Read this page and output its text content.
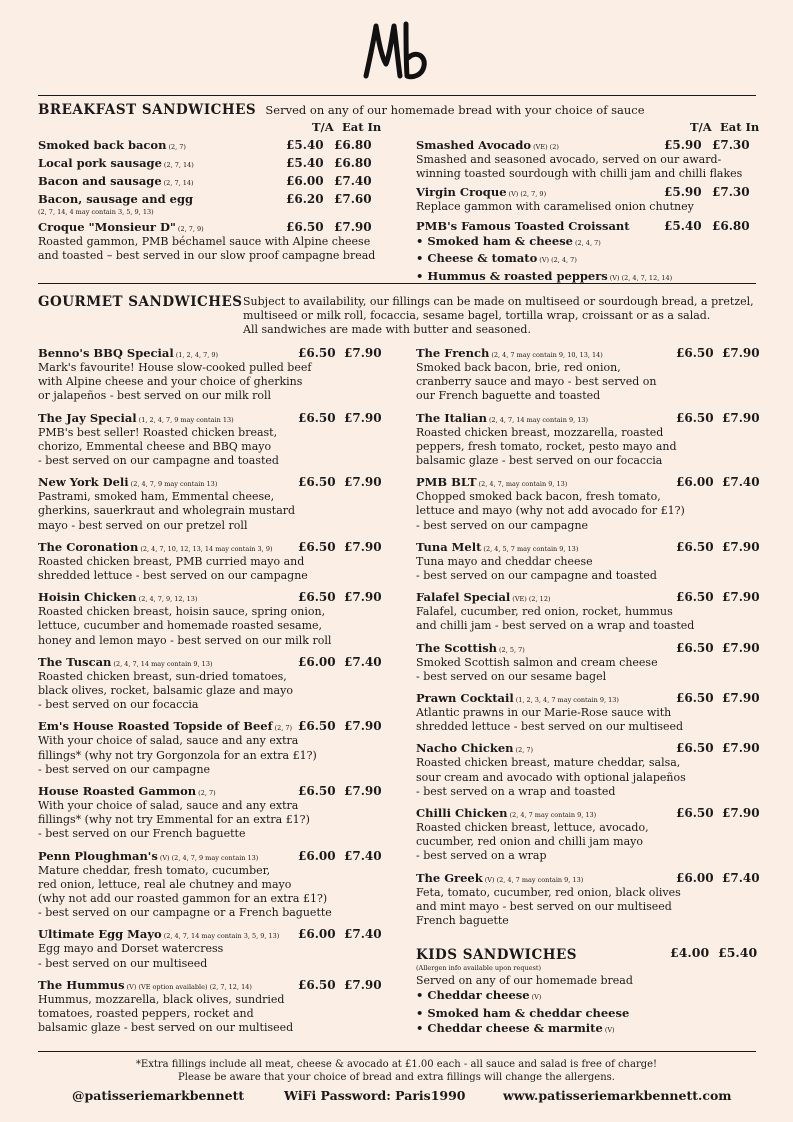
BREAKFAST SANDWICHES Served on any of our homemade bread with your choice of sauce
T/A Eat In	T/A Eat In
Smoked back bacon (2, 7)	£5.40 £6.80
Local pork sausage (2, 7, 14)	£5.40 £6.80
Bacon and sausage (2, 7, 14)	£6.00 £7.40
Bacon, sausage and egg	£6.20 £7.60
(2, 7, 14, 4 may contain 3, 5, 9, 13)
Croque "Monsieur D" (2, 7, 9)	£6.50 £7.90
Roasted gammon, PMB béchamel sauce with Alpine cheese
and toasted – best served in our slow proof campagne bread
Smashed Avocado (VE) (2)	£5.90 £7.30
Smashed and seasoned avocado, served on our award-
winning toasted sourdough with chilli jam and chilli flakes
Virgin Croque (V) (2, 7, 9)	£5.90 £7.30
Replace gammon with caramelised onion chutney
PMB's Famous Toasted Croissant	£5.40 £6.80
• Smoked ham & cheese (2, 4, 7)
• Cheese & tomato (V) (2, 4, 7)
• Hummus & roasted peppers (V) (2, 4, 7, 12, 14)
GOURMET SANDWICHES Subject to availability, our fillings can be made on multiseed or sourdough bread, a pretzel,
multiseed or milk roll, focaccia, sesame bagel, tortilla wrap, croissant or as a salad.
All sandwiches are made with butter and seasoned.
Benno's BBQ Special (1, 2, 4, 7, 9)	£6.50 £7.90
Mark's favourite! House slow-cooked pulled beef
with Alpine cheese and your choice of gherkins
or jalapeños - best served on our milk roll
The Jay Special (1, 2, 4, 7, 9 may contain 13)	£6.50 £7.90
PMB's best seller! Roasted chicken breast,
chorizo, Emmental cheese and BBQ mayo
- best served on our campagne and toasted
New York Deli (2, 4, 7, 9 may contain 13)	£6.50 £7.90
Pastrami, smoked ham, Emmental cheese,
gherkins, sauerkraut and wholegrain mustard
mayo - best served on our pretzel roll
The Coronation (2, 4, 7, 10, 12, 13, 14 may contain 3, 9) £6.50 £7.90
Roasted chicken breast, PMB curried mayo and
shredded lettuce - best served on our campagne
Hoisin Chicken (2, 4, 7, 9, 12, 13)	£6.50 £7.90
Roasted chicken breast, hoisin sauce, spring onion,
lettuce, cucumber and homemade roasted sesame,
honey and lemon mayo - best served on our milk roll
The Tuscan (2, 4, 7, 14 may contain 9, 13)	£6.00 £7.40
Roasted chicken breast, sun-dried tomatoes,
black olives, rocket, balsamic glaze and mayo
- best served on our focaccia
Em's House Roasted Topside of Beef (2, 7) £6.50 £7.90
With your choice of salad, sauce and any extra
fillings* (why not try Gorgonzola for an extra £1?)
- best served on our campagne
House Roasted Gammon (2, 7)	£6.50 £7.90
With your choice of salad, sauce and any extra
fillings* (why not try Emmental for an extra £1?)
- best served on our French baguette
Penn Ploughman's (V) (2, 4, 7, 9 may contain 13)	£6.00 £7.40
Mature cheddar, fresh tomato, cucumber,
red onion, lettuce, real ale chutney and mayo
(why not add our roasted gammon for an extra £1?)
- best served on our campagne or a French baguette
Ultimate Egg Mayo (2, 4, 7, 14 may contain 3, 5, 9, 13) £6.00 £7.40
Egg mayo and Dorset watercress
- best served on our multiseed
The Hummus (V) (VE option available) (2, 7, 12, 14)	£6.50 £7.90
Hummus, mozzarella, black olives, sundried
tomatoes, roasted peppers, rocket and
balsamic glaze - best served on our multiseed
The French (2, 4, 7 may contain 9, 10, 13, 14)	£6.50 £7.90
Smoked back bacon, brie, red onion,
cranberry sauce and mayo - best served on
our French baguette and toasted
The Italian (2, 4, 7, 14 may contain 9, 13)	£6.50 £7.90
Roasted chicken breast, mozzarella, roasted
peppers, fresh tomato, rocket, pesto mayo and
balsamic glaze - best served on our focaccia
PMB BLT (2, 4, 7, may contain 9, 13)	£6.00 £7.40
Chopped smoked back bacon, fresh tomato,
lettuce and mayo (why not add avocado for £1?)
- best served on our campagne
Tuna Melt (2, 4, 5, 7 may contain 9, 13)	£6.50 £7.90
Tuna mayo and cheddar cheese
- best served on our campagne and toasted
Falafel Special (VE) (2, 12)	£6.50 £7.90
Falafel, cucumber, red onion, rocket, hummus
and chilli jam - best served on a wrap and toasted
The Scottish (2, 5, 7)	£6.50 £7.90
Smoked Scottish salmon and cream cheese
- best served on our sesame bagel
Prawn Cocktail (1, 2, 3, 4, 7 may contain 9, 13)	£6.50 £7.90
Atlantic prawns in our Marie-Rose sauce with
shredded lettuce - best served on our multiseed
Nacho Chicken (2, 7)	£6.50 £7.90
Roasted chicken breast, mature cheddar, salsa,
sour cream and avocado with optional jalapeños
- best served on a wrap and toasted
Chilli Chicken (2, 4, 7 may contain 9, 13)	£6.50 £7.90
Roasted chicken breast, lettuce, avocado,
cucumber, red onion and chilli jam mayo
- best served on a wrap
The Greek (V) (2, 4, 7 may contain 9, 13)	£6.00 £7.40
Feta, tomato, cucumber, red onion, black olives
and mint mayo - best served on our multiseed
French baguette
KIDS SANDWICHES	£4.00 £5.40
(Allergen info available upon request)
Served on any of our homemade bread
• Cheddar cheese (V)
• Smoked ham & cheddar cheese
• Cheddar cheese & marmite (V)
*Extra fillings include all meat, cheese & avocado at £1.00 each - all sauce and salad is free of charge!
Please be aware that your choice of bread and extra fillings will change the allergens.
@patisseriemarkbennett	WiFi Password: Paris1990	www.patisseriemarkbennett.com
